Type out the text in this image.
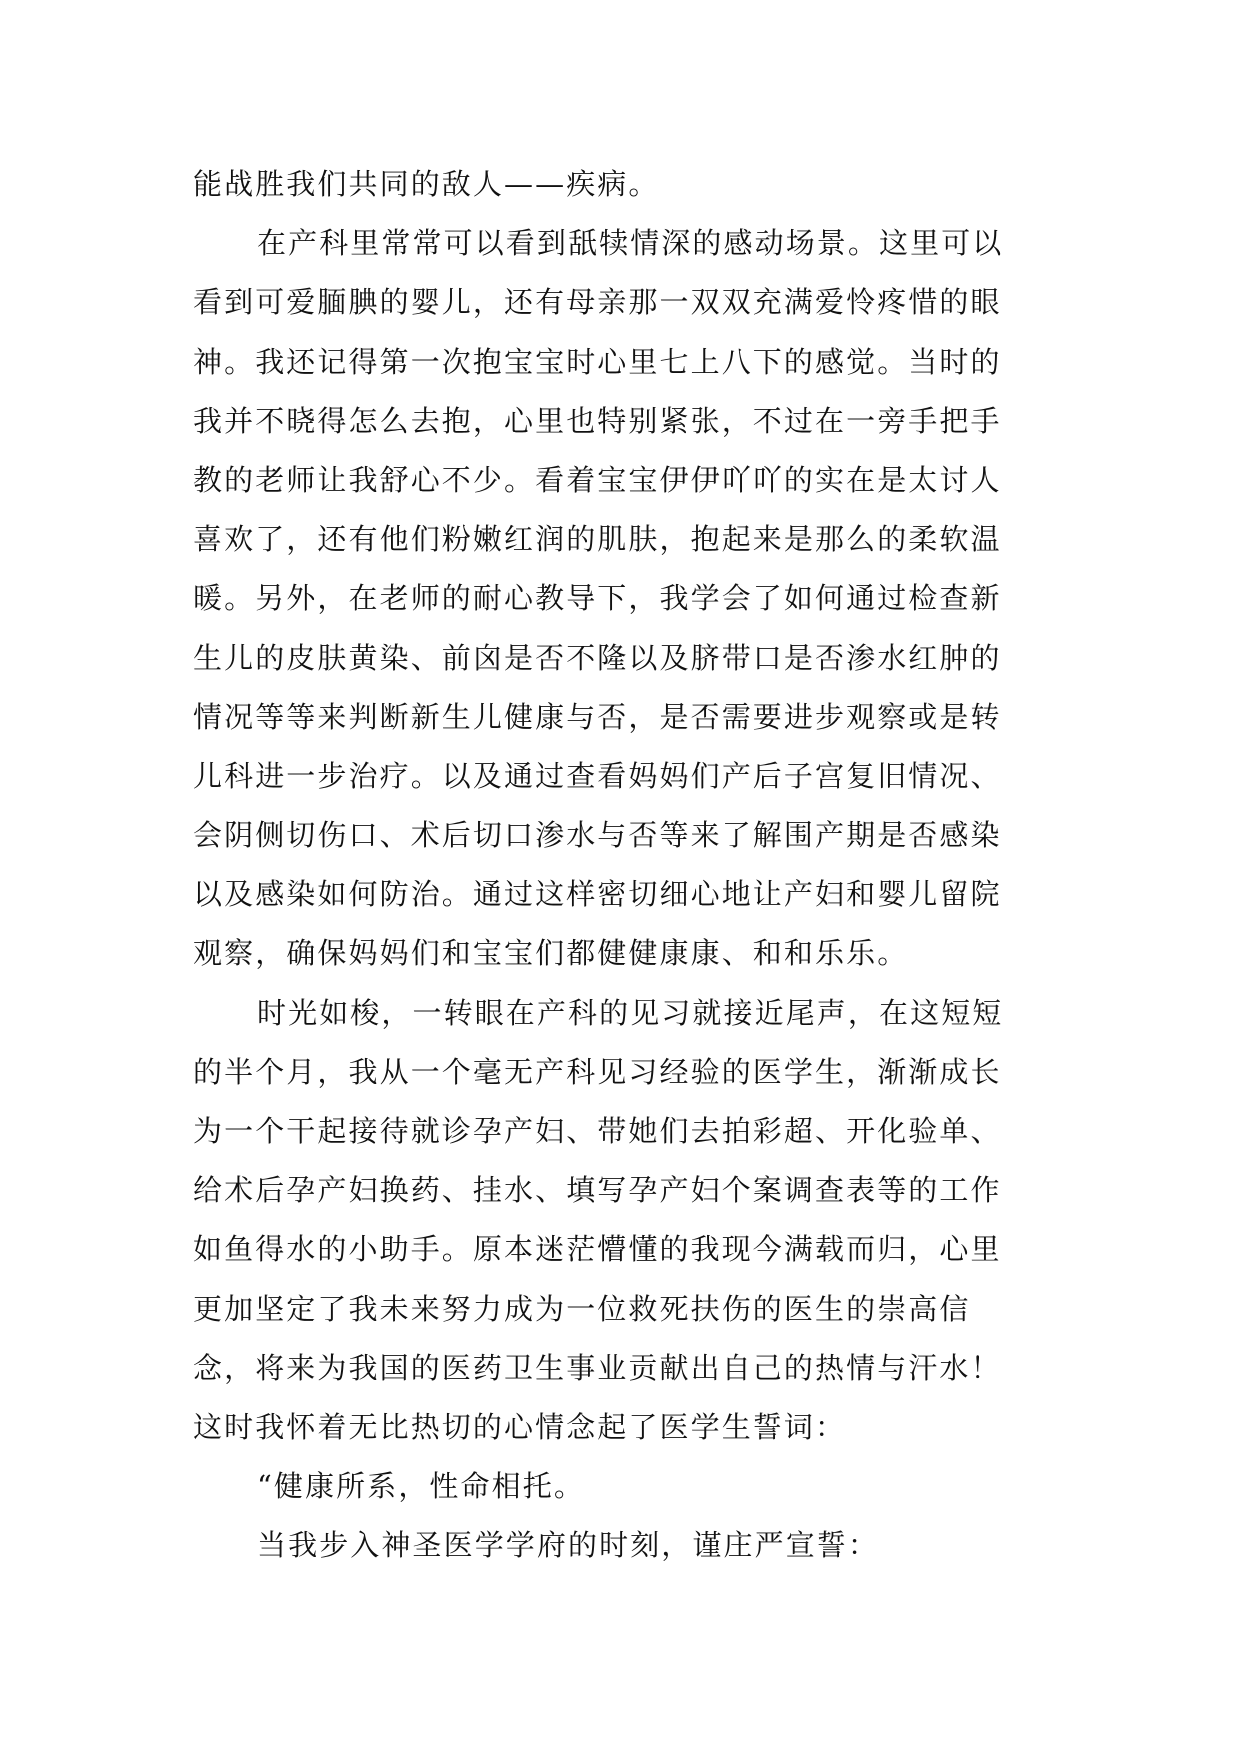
能战胜我们共同的敌人——疾病。
在产科里常常可以看到舐犊情深的感动场景。这里可以
看到可爱腼腆的婴儿，还有母亲那一双双充满爱怜疼惜的眼
神。我还记得第一次抱宝宝时心里七上八下的感觉。当时的
我并不晓得怎么去抱，心里也特别紧张，不过在一旁手把手
教的老师让我舒心不少。看着宝宝伊伊吖吖的实在是太讨人
喜欢了，还有他们粉嫩红润的肌肤，抱起来是那么的柔软温
暖。另外，在老师的耐心教导下，我学会了如何通过检查新
生儿的皮肤黄染、前囟是否不隆以及脐带口是否渗水红肿的
情况等等来判断新生儿健康与否，是否需要进步观察或是转
儿科进一步治疗。以及通过查看妈妈们产后子宫复旧情况、
会阴侧切伤口、术后切口渗水与否等来了解围产期是否感染
以及感染如何防治。通过这样密切细心地让产妇和婴儿留院
观察，确保妈妈们和宝宝们都健健康康、和和乐乐。
时光如梭，一转眼在产科的见习就接近尾声，在这短短
的半个月，我从一个毫无产科见习经验的医学生，渐渐成长
为一个干起接待就诊孕产妇、带她们去拍彩超、开化验单、
给术后孕产妇换药、挂水、填写孕产妇个案调查表等的工作
如鱼得水的小助手。原本迷茫懵懂的我现今满载而归，心里
更加坚定了我未来努力成为一位救死扶伤的医生的崇高信
念，将来为我国的医药卫生事业贡献出自己的热情与汗水！
这时我怀着无比热切的心情念起了医学生誓词：
“健康所系，性命相托。
当我步入神圣医学学府的时刻，谨庄严宣誓：
